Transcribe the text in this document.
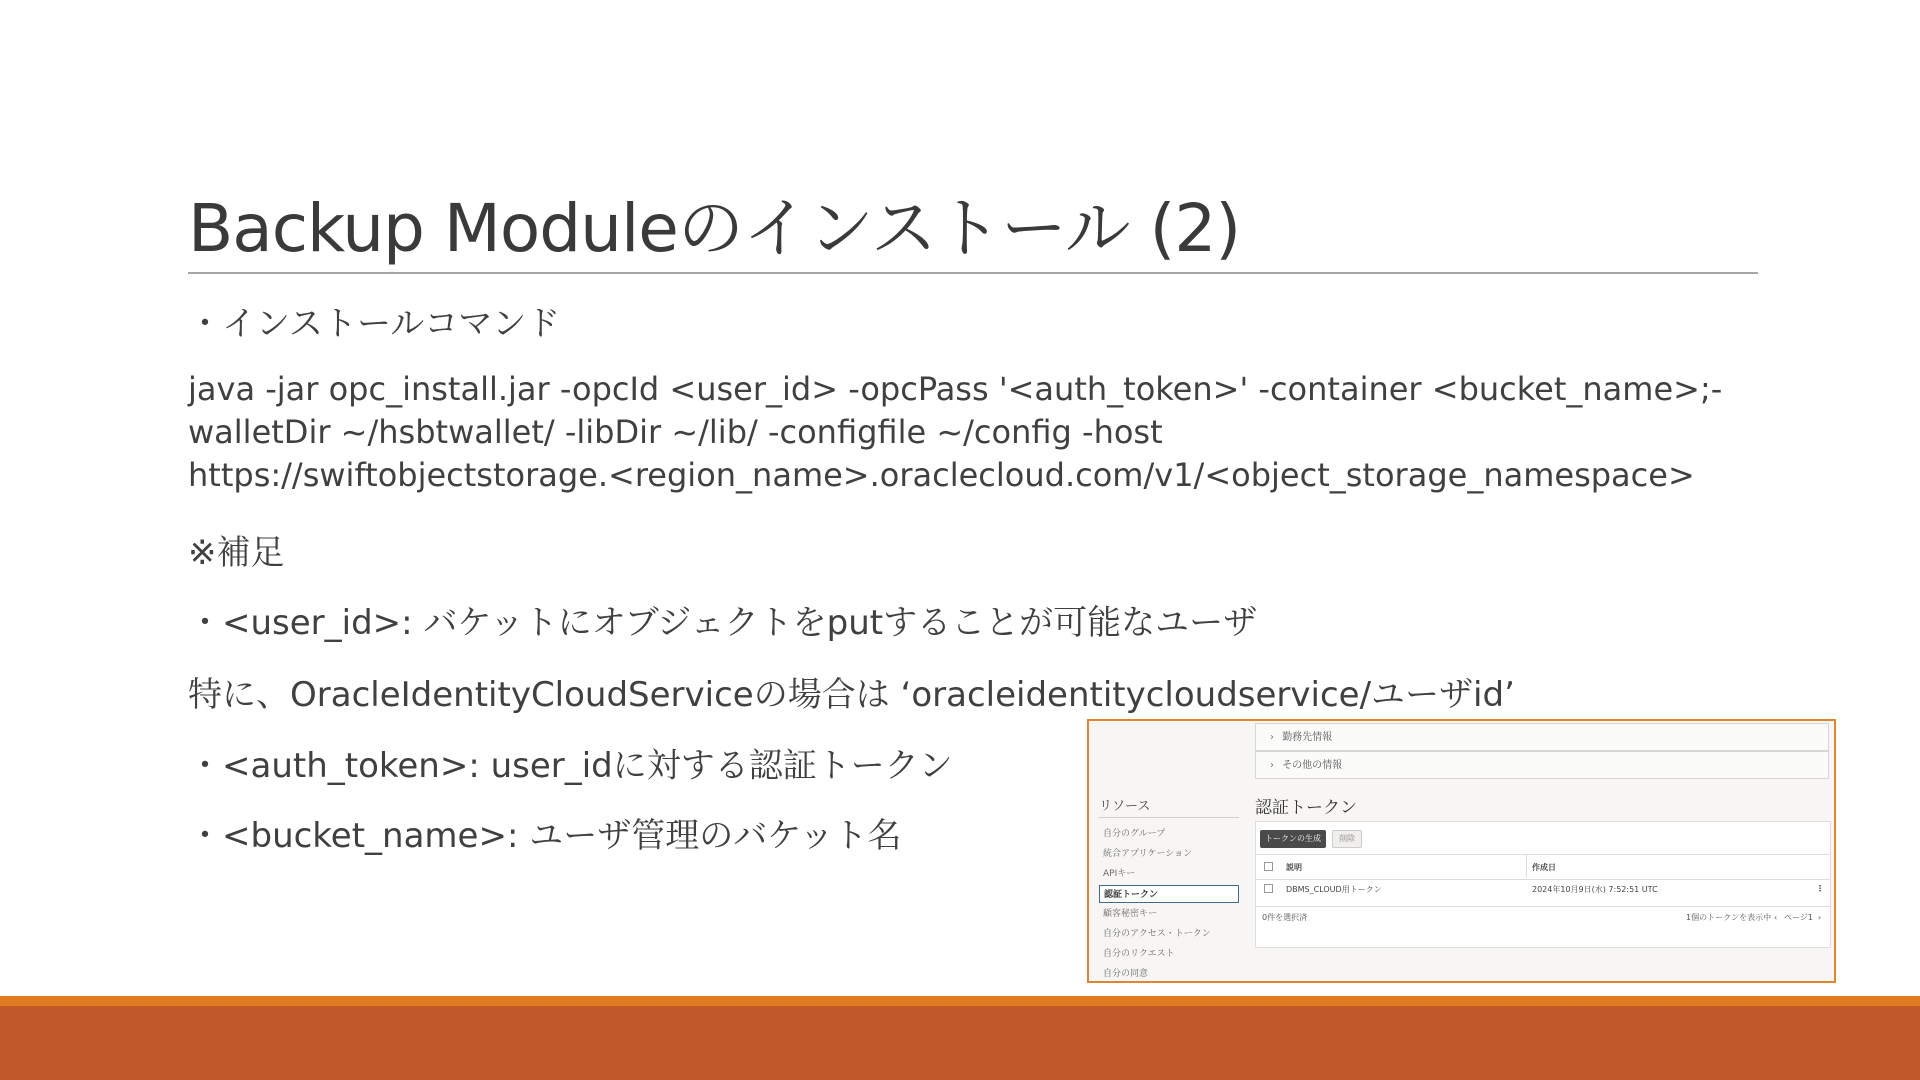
Backup Moduleのインストール (2)
・インストールコマンド
java -jar opc_install.jar -opcId <user_id> -opcPass '<auth_token>' -container <bucket_name>;-
walletDir ~/hsbtwallet/ -libDir ~/lib/ -configfile ~/config -host
https://swiftobjectstorage.<region_name>.oraclecloud.com/v1/<object_storage_namespace>
※補足
・<user_id>: バケットにオブジェクトをputすることが可能なユーザ
特に、OracleIdentityCloudServiceの場合は ‘oracleidentitycloudservice/ユーザid’
・<auth_token>: user_idに対する認証トークン
・<bucket_name>: ユーザ管理のバケット名
› 勤務先情報
› その他の情報
リソース
自分のグループ
統合アプリケーション
APIキー
認証トークン
顧客秘密キー
自分のアクセス・トークン
自分のリクエスト
自分の同意
認証トークン
トークンの生成	削除
説明	作成日
DBMS_CLOUD用トークン	2024年10月9日(水) 7:52:51 UTC	⋮
0件を選択済	1個のトークンを表示中 ‹ ページ1 ›
